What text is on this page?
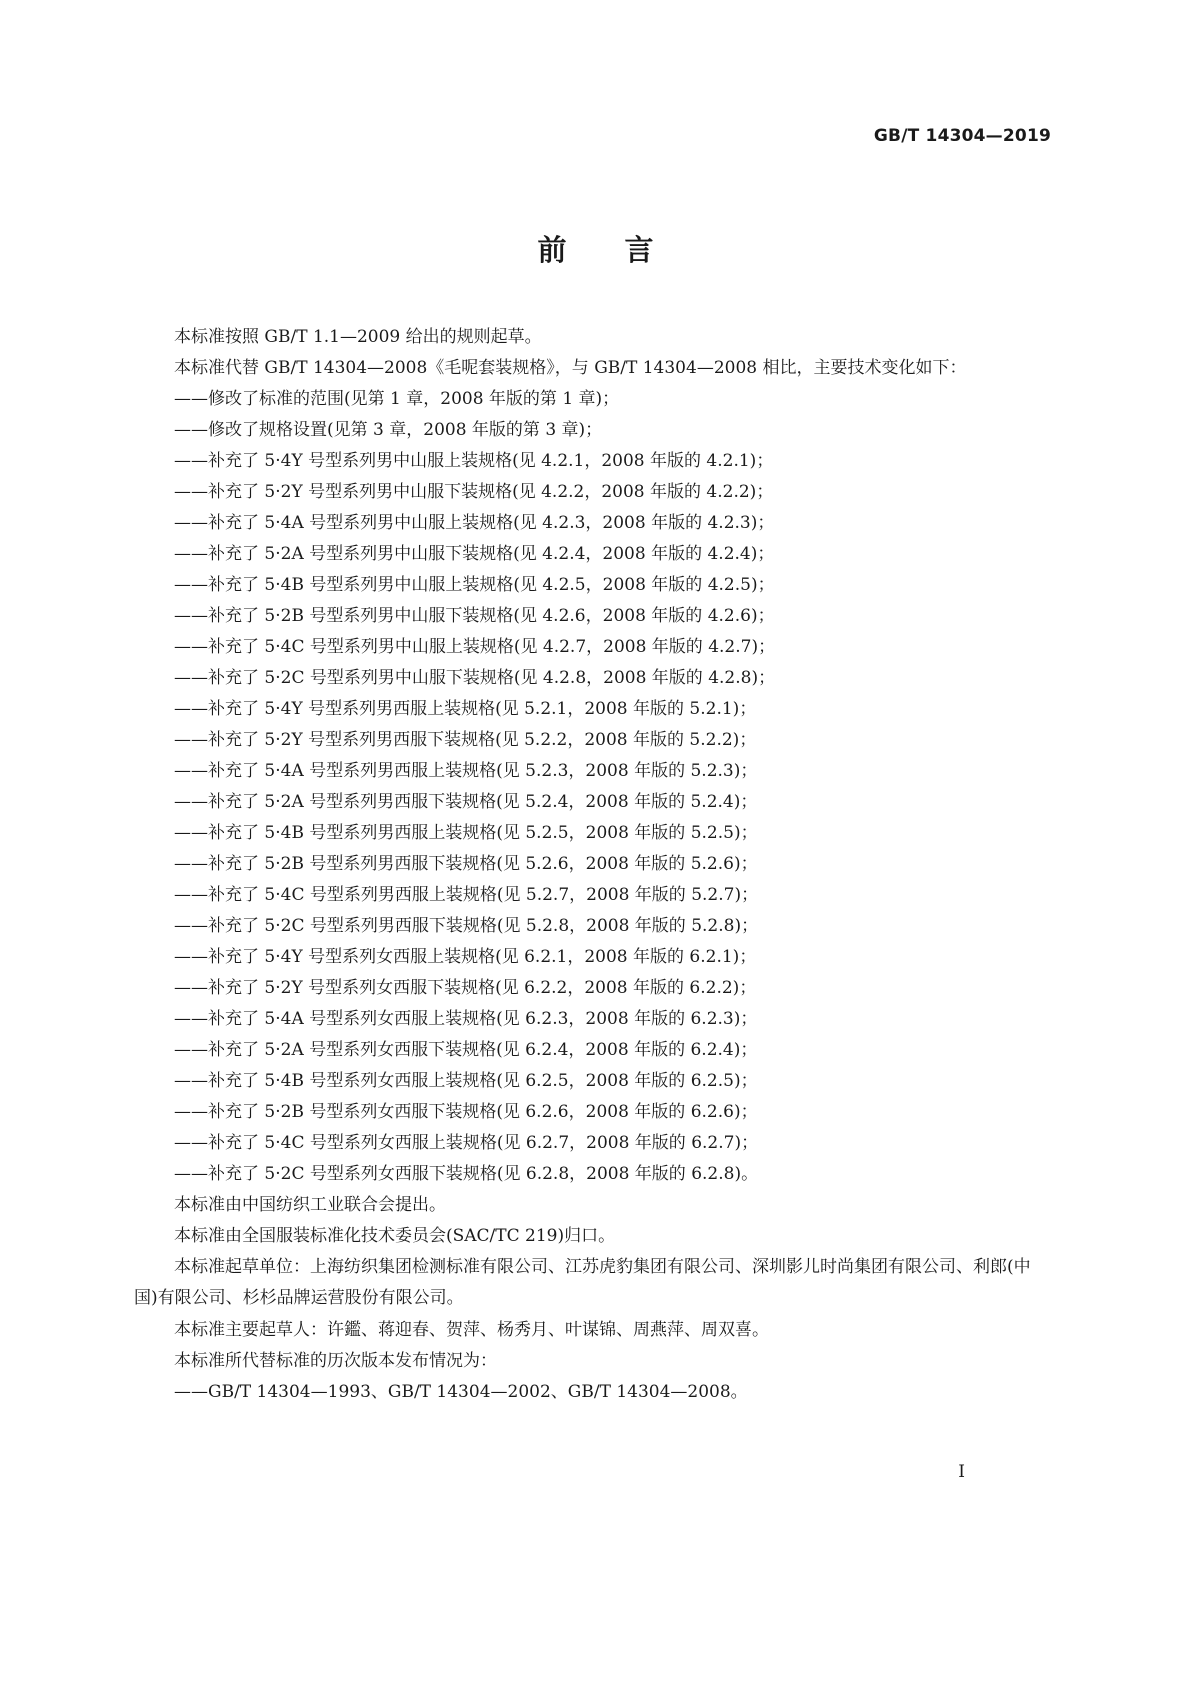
GB/T 14304—2019
前言

本标准按照 GB/T 1.1—2009 给出的规则起草。

本标准代替 GB/T 14304—2008《毛呢套装规格》，与 GB/T 14304—2008 相比，主要技术变化如下：

——修改了标准的范围(见第 1 章，2008 年版的第 1 章)；

——修改了规格设置(见第 3 章，2008 年版的第 3 章)；

——补充了 5·4Y 号型系列男中山服上装规格(见 4.2.1，2008 年版的 4.2.1)；

——补充了 5·2Y 号型系列男中山服下装规格(见 4.2.2，2008 年版的 4.2.2)；

——补充了 5·4A 号型系列男中山服上装规格(见 4.2.3，2008 年版的 4.2.3)；

——补充了 5·2A 号型系列男中山服下装规格(见 4.2.4，2008 年版的 4.2.4)；

——补充了 5·4B 号型系列男中山服上装规格(见 4.2.5，2008 年版的 4.2.5)；

——补充了 5·2B 号型系列男中山服下装规格(见 4.2.6，2008 年版的 4.2.6)；

——补充了 5·4C 号型系列男中山服上装规格(见 4.2.7，2008 年版的 4.2.7)；

——补充了 5·2C 号型系列男中山服下装规格(见 4.2.8，2008 年版的 4.2.8)；

——补充了 5·4Y 号型系列男西服上装规格(见 5.2.1，2008 年版的 5.2.1)；

——补充了 5·2Y 号型系列男西服下装规格(见 5.2.2，2008 年版的 5.2.2)；

——补充了 5·4A 号型系列男西服上装规格(见 5.2.3，2008 年版的 5.2.3)；

——补充了 5·2A 号型系列男西服下装规格(见 5.2.4，2008 年版的 5.2.4)；

——补充了 5·4B 号型系列男西服上装规格(见 5.2.5，2008 年版的 5.2.5)；

——补充了 5·2B 号型系列男西服下装规格(见 5.2.6，2008 年版的 5.2.6)；

——补充了 5·4C 号型系列男西服上装规格(见 5.2.7，2008 年版的 5.2.7)；

——补充了 5·2C 号型系列男西服下装规格(见 5.2.8，2008 年版的 5.2.8)；

——补充了 5·4Y 号型系列女西服上装规格(见 6.2.1，2008 年版的 6.2.1)；

——补充了 5·2Y 号型系列女西服下装规格(见 6.2.2，2008 年版的 6.2.2)；

——补充了 5·4A 号型系列女西服上装规格(见 6.2.3，2008 年版的 6.2.3)；

——补充了 5·2A 号型系列女西服下装规格(见 6.2.4，2008 年版的 6.2.4)；

——补充了 5·4B 号型系列女西服上装规格(见 6.2.5，2008 年版的 6.2.5)；

——补充了 5·2B 号型系列女西服下装规格(见 6.2.6，2008 年版的 6.2.6)；

——补充了 5·4C 号型系列女西服上装规格(见 6.2.7，2008 年版的 6.2.7)；

——补充了 5·2C 号型系列女西服下装规格(见 6.2.8，2008 年版的 6.2.8)。

本标准由中国纺织工业联合会提出。

本标准由全国服装标准化技术委员会(SAC/TC 219)归口。

本标准起草单位：上海纺织集团检测标准有限公司、江苏虎豹集团有限公司、深圳影儿时尚集团有限公司、利郎(中国)有限公司、杉杉品牌运营股份有限公司。

本标准主要起草人：许鑑、蒋迎春、贺萍、杨秀月、叶谋锦、周燕萍、周双喜。

本标准所代替标准的历次版本发布情况为：

——GB/T 14304—1993、GB/T 14304—2002、GB/T 14304—2008。

I
